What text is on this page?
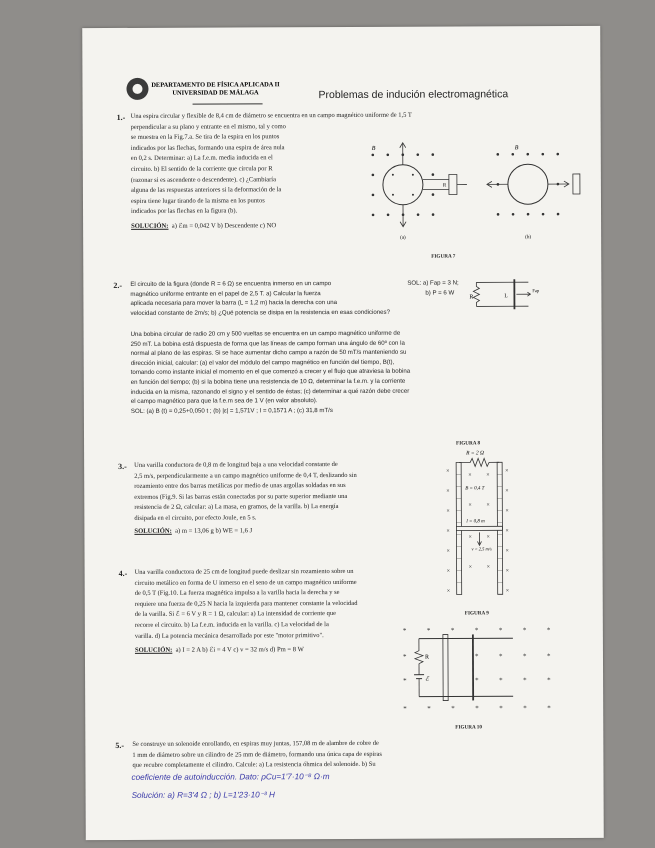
DEPARTAMENTO DE FÍSICA APLICADA II
UNIVERSIDAD DE MÁLAGA	Problemas de indución electromagnética
1.- Una espira circular y flexible de 8,4 cm de diámetro se encuentra en un campo magnético uniforme de 1,5 T
perpendicular a su plano y entrante en el mismo, tal y como
se muestra en la Fig.7.a. Se tira de la espira en los puntos
indicados por las flechas, formando una espira de área nula
en 0,2 s. Determinar: a) La f.e.m. media inducida en el
circuito. b) El sentido de la corriente que circula por R
(razonar si es ascendente o descendente). c) ¿Cambiaría
alguna de las respuestas anteriores si la deformación de la
espira tiene lugar tirando de la misma en los puntos
indicados por las flechas en la figura (b).
SOLUCIÓN: a) ℰm = 0,042 V b) Descendente c) NO
B
R
(a)
B
(b)
FIGURA 7
2.- El circuito de la figura (donde R = 6 Ω) se encuentra inmerso en un campo
magnético uniforme entrante en el papel de 2,5 T. a) Calcular la fuerza
aplicada necesaria para mover la barra (L = 1,2 m) hacia la derecha con una
velocidad constante de 2m/s; b) ¿Qué potencia se disipa en la resistencia en esas condiciones?
SOL: a) Fap = 3 N;
b) P = 6 W
R	L
Fap
Una bobina circular de radio 20 cm y 500 vueltas se encuentra en un campo magnético uniforme de
250 mT. La bobina está dispuesta de forma que las líneas de campo forman una ángulo de 60º con la
normal al plano de las espiras. Si se hace aumentar dicho campo a razón de 50 mT/s manteniendo su
dirección inicial, calcular: (a) el valor del módulo del campo magnético en función del tiempo, B(t),
tomando como instante inicial el momento en el que comenzó a crecer y el flujo que atraviesa la bobina
en función del tiempo; (b) si la bobina tiene una resistencia de 10 Ω, determinar la f.e.m. y la corriente
inducida en la misma, razonando el signo y el sentido de éstas; (c) determinar a qué razón debe crecer
el campo magnético para que la f.e.m sea de 1 V (en valor absoluto).
SOL: (a) B (t) = 0,25+0,050 t ; (b) |ε| = 1,571V ; I = 0,1571 A ; (c) 31,8 mT/s
FIGURA 8
3.- Una varilla conductora de 0,8 m de longitud baja a una velocidad constante de
2,5 m/s, perpendicularmente a un campo magnético uniforme de 0,4 T, deslizando sin
rozamiento entre dos barras metálicas por medio de unas argollas soldadas en sus
extremos (Fig.9. Si las barras están conectadas por su parte superior mediante una
resistencia de 2 Ω, calcular: a) La masa, en gramos, de la varilla. b) La energía
disipada en el circuito, por efecto Joule, en 5 s.
SOLUCIÓN: a) m = 13,06 g b) WE = 1,6 J
R = 2 Ω
×	×
×	×
×	×
×	×
×	×
×	×
×	×
× ×
× ×
× ×
× ×
B = 0,4 T
l = 0,8 m
v = 2,5 m/s
FIGURA 9
4.- Una varilla conductora de 25 cm de longitud puede deslizar sin rozamiento sobre un
circuito metálico en forma de U inmerso en el seno de un campo magnético uniforme
de 0,5 T (Fig.10. La fuerza magnética impulsa a la varilla hacia la derecha y se
requiere una fuerza de 0,25 N hacia la izquierda para mantener constante la velocidad
de la varilla. Si ℰ = 6 V y R = 1 Ω, calcular: a) La intensidad de corriente que
recorre el circuito. b) La f.e.m. inducida en la varilla. c) La velocidad de la
varilla. d) La potencia mecánica desarrollada por este "motor primitivo".
SOLUCIÓN: a) I = 2 A b) ℰi = 4 V c) v = 32 m/s d) Pm = 8 W
*	*	*	*	*	*	*
*	*
*	*	*
*	*
*	*	*
*	*	*	*	*	*	*
R
ℰ
FIGURA 10
5.- Se construye un solenoide enrollando, en espiras muy juntas, 157,08 m de alambre de cobre de
1 mm de diámetro sobre un cilindro de 25 mm de diámetro, formando una única capa de espiras
que recubre completamente el cilindro. Calcule: a) La resistencia óhmica del solenoide. b) Su
coeficiente de autoinducción. Dato: ρCu=1'7·10⁻⁸ Ω·m
Solución: a) R=3'4 Ω ; b) L=1'23·10⁻³ H
